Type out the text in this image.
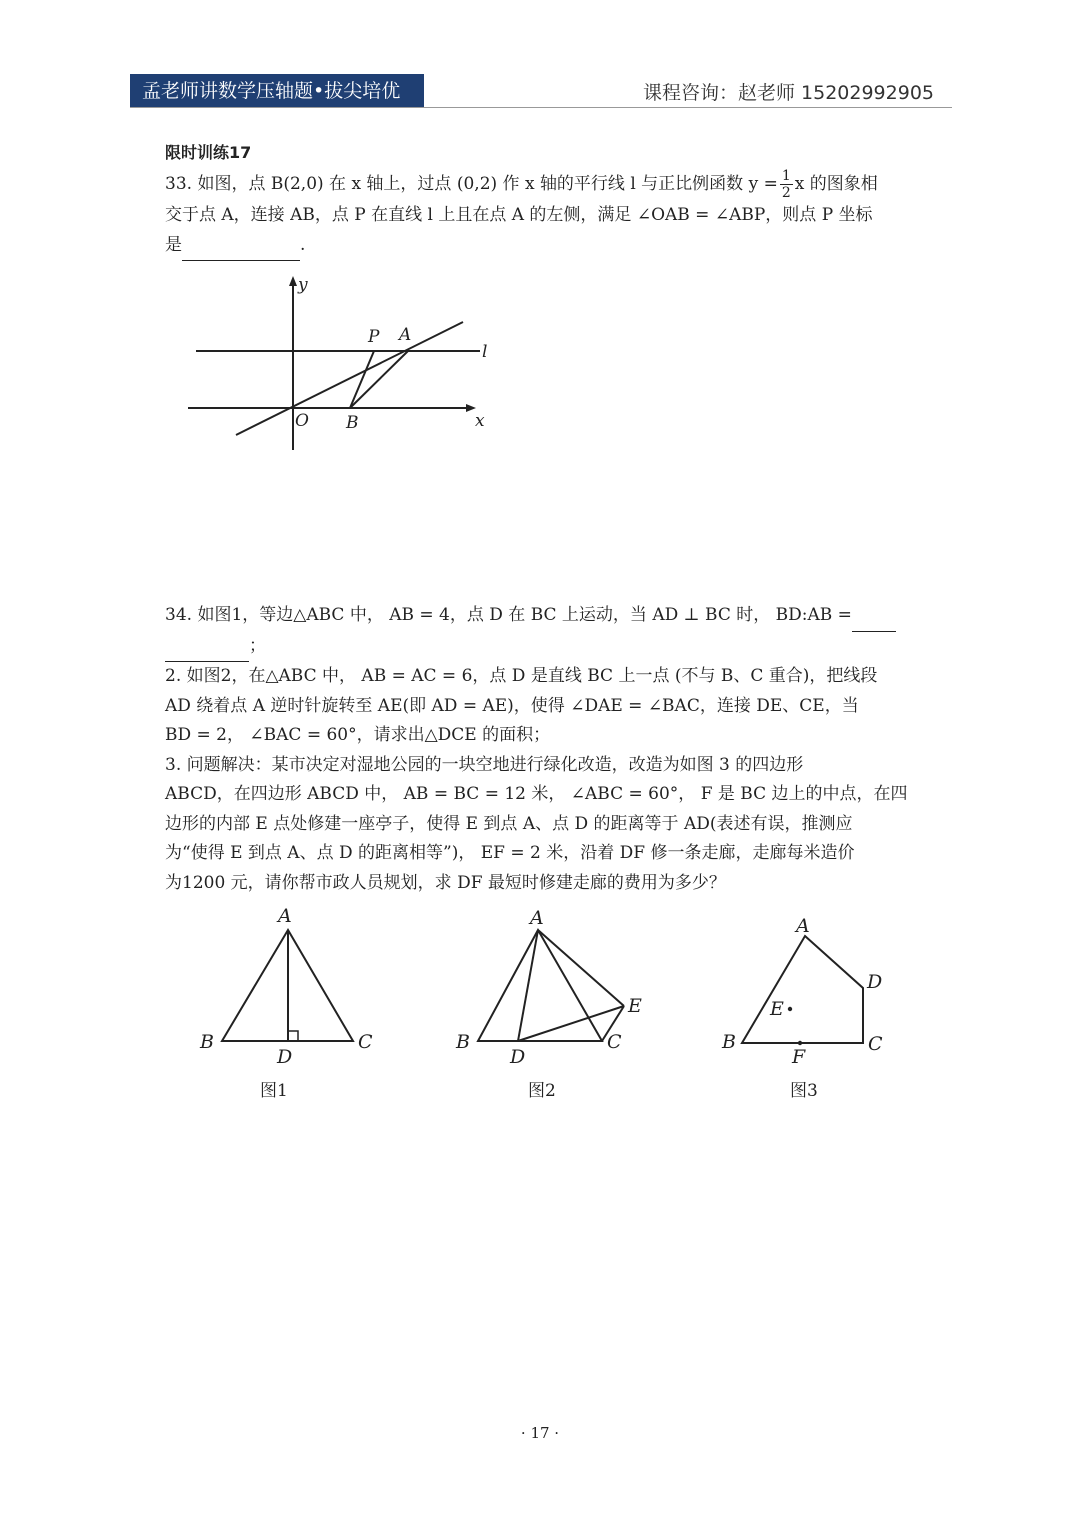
孟老师讲数学压轴题•拔尖培优	课程咨询：赵老师 15202992905
限时训练17
33. 如图，点 B(2,0) 在 x 轴上，过点 (0,2) 作 x 轴的平行线 l 与正比例函数 $y = \frac{1}{2}$ x 的图象相
交于点 A，连接 AB，点 P 在直线 l 上且在点 A 的左侧，满足 ∠OAB = ∠ABP，则点 P 坐标
是	.
y
P A
l
O B	x
34. 如图1，等边△ABC 中， AB = 4，点 D 在 BC 上运动，当 AD ⊥ BC 时， BD:AB =
；
2. 如图2，在△ABC 中， AB = AC = 6，点 D 是直线 BC 上一点 (不与 B、C 重合)，把线段
AD 绕着点 A 逆时针旋转至 AE(即 AD = AE)，使得 ∠DAE = ∠BAC，连接 DE、CE，当
BD = 2， ∠BAC = 60°，请求出△DCE 的面积；
3. 问题解决：某市决定对湿地公园的一块空地进行绿化改造，改造为如图 3 的四边形
ABCD，在四边形 ABCD 中， AB = BC = 12 米， ∠ABC = 60°， F 是 BC 边上的中点，在四
边形的内部 E 点处修建一座亭子，使得 E 到点 A、点 D 的距离等于 AD(表述有误，推测应
为“使得 E 到点 A、点 D 的距离相等”)， EF = 2 米，沿着 DF 修一条走廊，走廊每米造价
为1200 元，请你帮市政人员规划，求 DF 最短时修建走廊的费用为多少？
A
B	C
D
图1
A
B	C
D
E
图2
A
B	C
D
E
F
图3
· 17 ·
